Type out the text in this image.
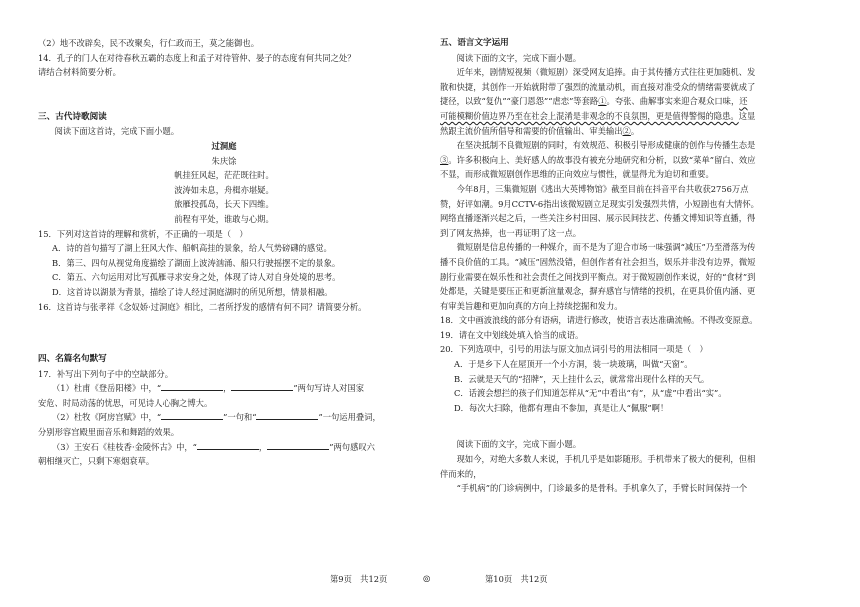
（2）地不改辟矣，民不改聚矣，行仁政而王，莫之能御也。

14．孔子的门人在对待春秋五霸的态度上和孟子对待管仲、晏子的态度有何共同之处？

请结合材料简要分析。

三、古代诗歌阅读

阅读下面这首诗，完成下面小题。

过洞庭

朱庆馀

帆挂狂风起，茫茫既往时。

波涛如未息，舟楫亦堪疑。

旅雁投孤岛，长天下四维。

前程有平处，谁敢与心期。

15．下列对这首诗的理解和赏析，不正确的一项是（　）

A．诗的首句描写了湖上狂风大作、船帆高挂的景象，给人气势磅礴的感觉。

B．第三、四句从视觉角度描绘了湖面上波涛汹涌、船只行驶摇摆不定的景象。

C．第五、六句运用对比写孤雁寻求安身之处，体现了诗人对自身处境的思考。

D．这首诗以湖景为背景，描绘了诗人经过洞庭湖时的所见所想，情景相融。

16．这首诗与张孝祥《念奴娇·过洞庭》相比，二者所抒发的感情有何不同？请简要分析。

四、名篇名句默写

17．补写出下列句子中的空缺部分。

（1）杜甫《登岳阳楼》中，“	，	”两句写诗人对国家

安危、时局动荡的忧思，可见诗人心胸之博大。

（2）杜牧《阿房宫赋》中，“	”一句和“	”一句运用叠词，

分别形容宫殿里面音乐和舞蹈的效果。

（3）王安石《桂枝香·金陵怀古》中，“	，	”两句感叹六

朝相继灭亡，只剩下寒烟衰草。

五、语言文字运用

阅读下面的文字，完成下面小题。

近年来，剧情短视频（微短剧）深受网友追捧。由于其传播方式往往更加随机、发

散和快捷，其创作一开始就附带了强烈的流量动机，而直接对准受众的情绪需要就成了

捷径，以致“复仇”“豪门恩怨”“虐恋”等套路①。夸张、曲解事实来迎合观众口味，还

可能模糊价值边界乃至在社会上混淆是非观念的不良氛围，更是值得警惕的隐患。这显

然跟主流价值所倡导和需要的价值输出、审美输出②。

在坚决抵制不良微短剧的同时，有效规范、积极引导形成健康的创作与传播生态是

③。许多积极向上、美好感人的故事没有被充分地研究和分析，以致“菜单”留白、效应

不显，而形成微短剧创作思维的正向效应与惯性，就显得尤为迫切和重要。

今年8月，三集微短剧《逃出大英博物馆》截至目前在抖音平台共收获2756万点

赞，好评如潮。9月CCTV-6指出该微短剧立足现实引发强烈共情，小短剧也有大情怀。

网络直播逐渐兴起之后，一些关注乡村田园、展示民间技艺、传播文博知识等直播，得

到了网友热捧，也一再证明了这一点。

微短剧是信息传播的一种媒介，而不是为了迎合市场一味强调“减压”乃至滑落为传

播不良价值的工具。“减压”固然没错，但创作者有社会担当，娱乐并非没有边界，微短

剧行业需要在娱乐性和社会责任之间找到平衡点。对于微短剧创作来说，好的“食材”到

处都是，关键是要压正和更新渲量观念，摒弃感官与情绪的投机，在更具价值内涵、更

有审美旨趣和更加向真的方向上持续挖掘和发力。

18．文中画波浪线的部分有语病，请进行修改，使语言表达准确流畅。不得改变原意。

19．请在文中划线处填入恰当的成语。

20．下列选项中，引号的用法与原文加点词引号的用法相同一项是（　）

A．于是乡下人在屋顶开一个小方洞，装一块玻璃，叫做“天窗”。

B．云就是天气的“招牌”，天上挂什么云，就常常出现什么样的天气。

C．话渡会想拦的孩子们知道怎样从“无”中看出“有”，从“虚”中看出“实”。

D．每次大扫除，他都有理由不参加，真是让人“佩服”啊！

阅读下面的文字，完成下面小题。

现如今，对绝大多数人来说，手机几乎是如影随形。手机带来了极大的便利，但相

伴而来的，

“手机病”的门诊病例中，门诊最多的是骨科。手机拿久了，手臂长时间保持一个

第9页　共12页	◎	第10页　共12页
